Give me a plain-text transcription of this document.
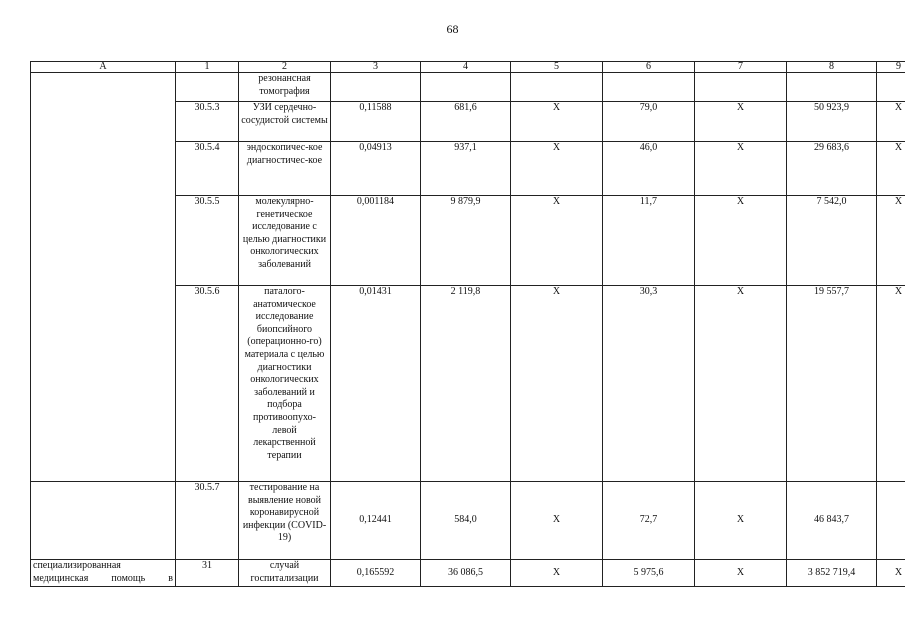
68
A	1	2	3	4	5	6	7	8	9
		резонансная томография							
	30.5.3	УЗИ сердечно-сосудистой системы	0,11588	681,6	X	79,0	X	50 923,9	X
	30.5.4	эндоскопичес-кое диагностичес-кое	0,04913	937,1	X	46,0	X	29 683,6	X
	30.5.5	молекулярно-генетическое исследование с целью диагностики онкологических заболеваний	0,001184	9 879,9	X	11,7	X	7 542,0	X
	30.5.6	паталого-анатомическое исследование биопсийного (операционно-го) материала с целью диагностики онкологических заболеваний и подбора противоопухо-левой лекарственной терапии	0,01431	2 119,8	X	30,3	X	19 557,7	X
	30.5.7	тестирование на выявление новой коронавирусной инфекции (COVID-19)	0,12441	584,0	X	72,7	X	46 843,7	
специализированная медицинская помощь в	31	случай госпитализации	0,165592	36 086,5	X	5 975,6	X	3 852 719,4	X
